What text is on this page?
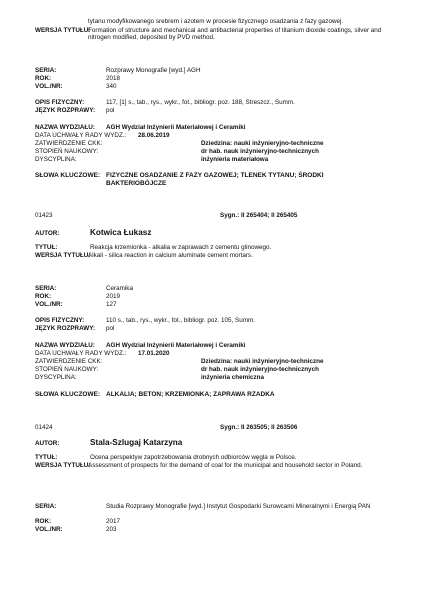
tytanu modyfikowanego srebrem i azotem w procesie fizycznego osadzania z fazy gazowej.
WERSJA TYTUŁU:
Formation of structure and mechanical and antibacterial properties of titanium dioxide coatings, silver and nitrogen modified, deposited by PVD method.
SERIA:	Rozprawy Monografie [wyd.] AGH
ROK:	2018
VOL./NR:	340
OPIS FIZYCZNY:	117, [1] s., tab., rys., wykr., fot., bibliogr. poz. 188, Streszcz., Summ.
JĘZYK ROZPRAWY: pol
NAZWA WYDZIAŁU: AGH Wydział Inżynierii Materiałowej i Ceramiki
DATA UCHWAŁY RADY WYDZ.: 28.06.2019
ZATWIERDZENIE CKK:	Dziedzina: nauki inżynieryjno-techniczne
STOPIEŃ NAUKOWY:	dr hab. nauk inżynieryjno-technicznych
DYSCYPLINA:	inżynieria materiałowa
SŁOWA KLUCZOWE: FIZYCZNE OSADZANIE Z FAZY GAZOWEJ; TLENEK TYTANU; ŚRODKI BAKTERIOBÓJCZE
01423	Sygn.: II 265404; II 265405
AUTOR:	Kotwica Łukasz
TYTUŁ:	Reakcja krzemionka - alkalia w zaprawach z cementu glinowego.
WERSJA TYTUŁU:
Alkali - silica reaction in calcium aluminate cement mortars.
SERIA:	Ceramika
ROK:	2019
VOL./NR:	127
OPIS FIZYCZNY:	110 s., tab., rys., wykr., fot., bibliogr. poz. 105, Summ.
JĘZYK ROZPRAWY: pol
NAZWA WYDZIAŁU: AGH Wydział Inżynierii Materiałowej i Ceramiki
DATA UCHWAŁY RADY WYDZ.: 17.01.2020
ZATWIERDZENIE CKK:	Dziedzina: nauki inżynieryjno-techniczne
STOPIEŃ NAUKOWY:	dr hab. nauk inżynieryjno-technicznych
DYSCYPLINA:	inżynieria chemiczna
SŁOWA KLUCZOWE: ALKALIA; BETON; KRZEMIONKA; ZAPRAWA RZADKA
01424	Sygn.: II 263505; II 263506
AUTOR:	Stala-Szlugaj Katarzyna
TYTUŁ:	Ocena perspektyw zapotrzebowania drobnych odbiorców węgla w Polsce.
WERSJA TYTUŁU:
Assessment of prospects for the demand of coal for the municipal and household sector in Poland.
SERIA:	Studia Rozprawy Monografie [wyd.] Instytut Gospodarki Surowcami Mineralnymi i Energią PAN
ROK:	2017
VOL./NR:	203
